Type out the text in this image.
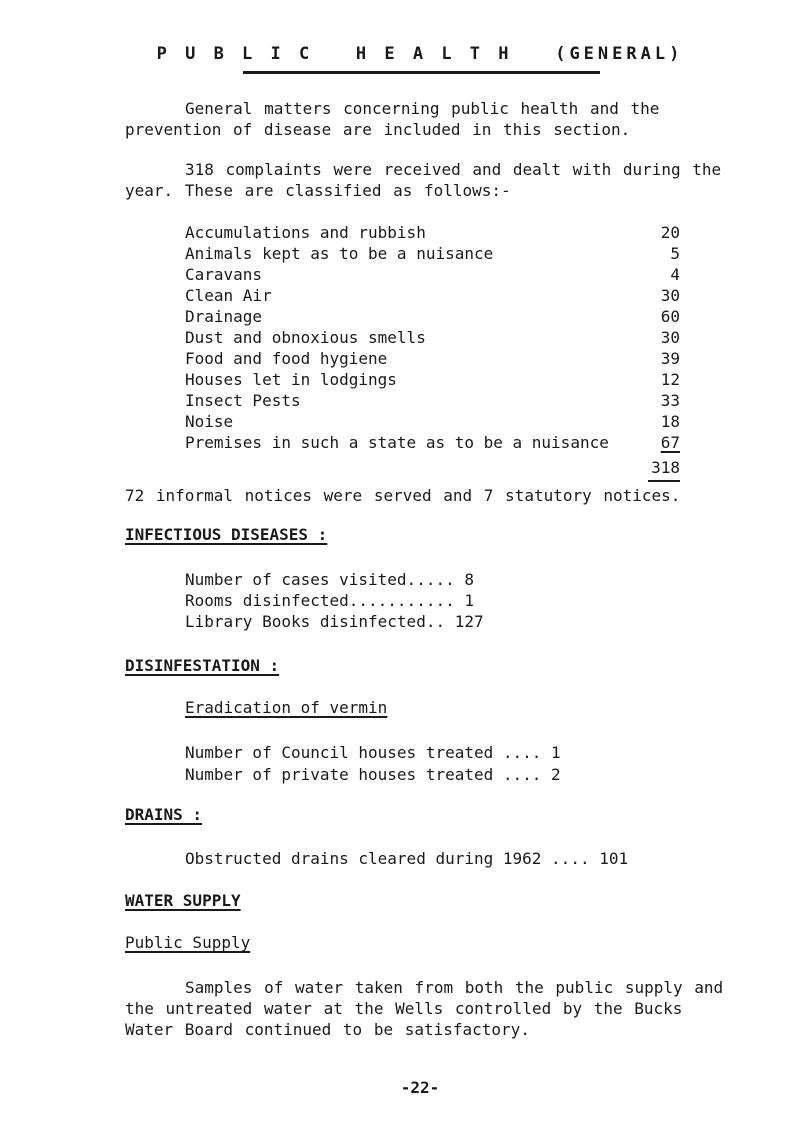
P U B L I C   H E A L T H   (GENERAL)
General matters concerning public health and the prevention of disease are included in this section.
318 complaints were received and dealt with during the year. These are classified as follows:-
Accumulations and rubbish	20
Animals kept as to be a nuisance	5
Caravans	4
Clean Air	30
Drainage	60
Dust and obnoxious smells	30
Food and food hygiene	39
Houses let in lodgings	12
Insect Pests	33
Noise	18
Premises in such a state as to be a nuisance	67
318
72 informal notices were served and 7 statutory notices.
INFECTIOUS DISEASES :
Number of cases visited..... 8
Rooms disinfected........... 1
Library Books disinfected.. 127
DISINFESTATION :
Eradication of vermin
Number of Council houses treated .... 1
Number of private houses treated .... 2
DRAINS :
Obstructed drains cleared during 1962 .... 101
WATER SUPPLY
Public Supply
Samples of water taken from both the public supply and the untreated water at the Wells controlled by the Bucks Water Board continued to be satisfactory.
-22-
